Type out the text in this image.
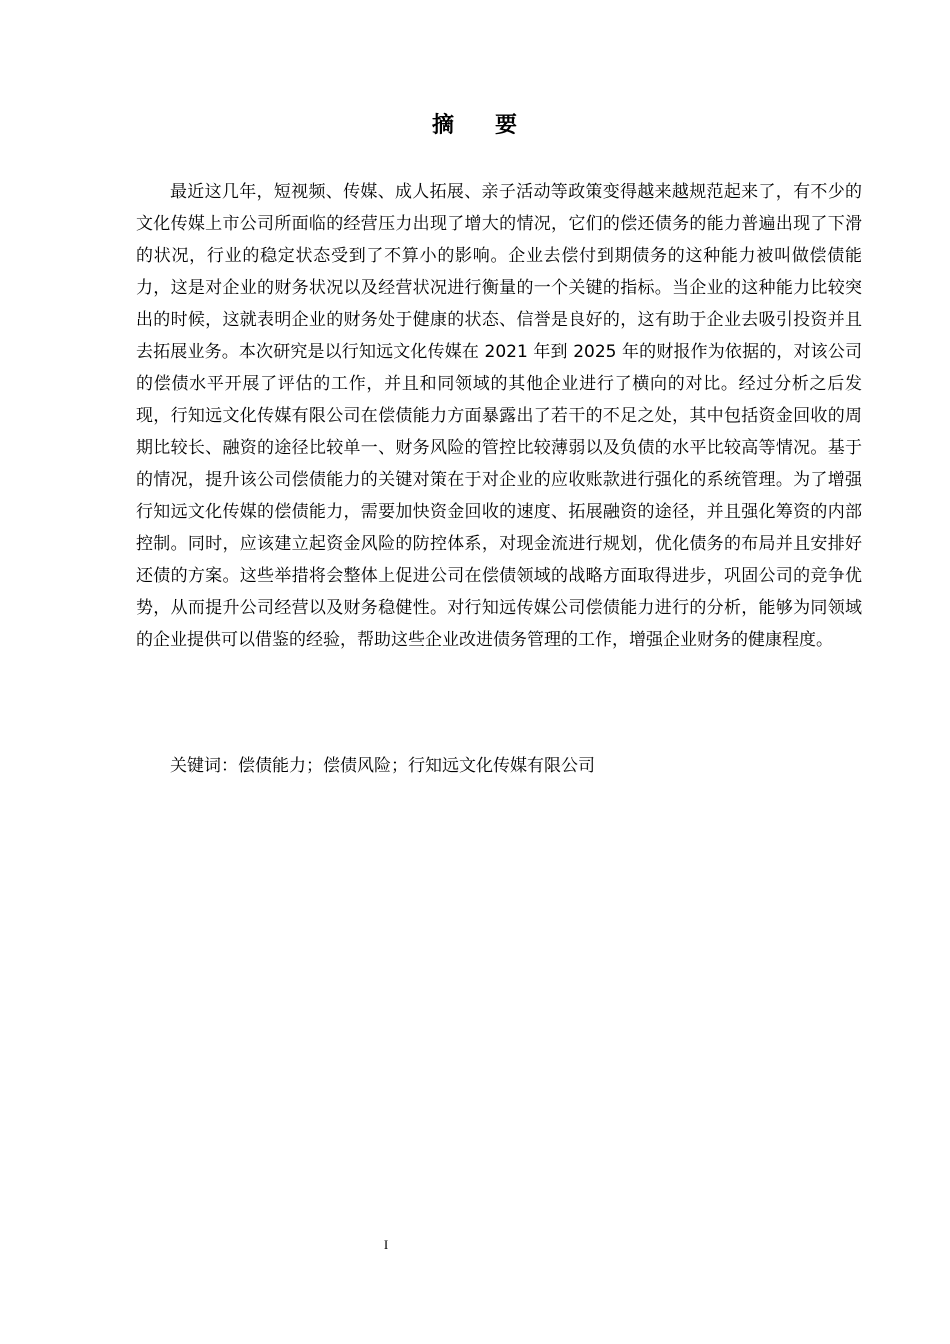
摘 要

最近这几年，短视频、传媒、成人拓展、亲子活动等政策变得越来越规范起来了，有不少的文化传媒上市公司所面临的经营压力出现了增大的情况，它们的偿还债务的能力普遍出现了下滑的状况，行业的稳定状态受到了不算小的影响。企业去偿付到期债务的这种能力被叫做偿债能力，这是对企业的财务状况以及经营状况进行衡量的一个关键的指标。当企业的这种能力比较突出的时候，这就表明企业的财务处于健康的状态、信誉是良好的，这有助于企业去吸引投资并且去拓展业务。本次研究是以行知远文化传媒在 2021 年到 2025 年的财报作为依据的，对该公司的偿债水平开展了评估的工作，并且和同领域的其他企业进行了横向的对比。经过分析之后发现，行知远文化传媒有限公司在偿债能力方面暴露出了若干的不足之处，其中包括资金回收的周期比较长、融资的途径比较单一、财务风险的管控比较薄弱以及负债的水平比较高等情况。基于的情况，提升该公司偿债能力的关键对策在于对企业的应收账款进行强化的系统管理。为了增强行知远文化传媒的偿债能力，需要加快资金回收的速度、拓展融资的途径，并且强化筹资的内部控制。同时，应该建立起资金风险的防控体系，对现金流进行规划，优化债务的布局并且安排好还债的方案。这些举措将会整体上促进公司在偿债领域的战略方面取得进步，巩固公司的竞争优势，从而提升公司经营以及财务稳健性。对行知远传媒公司偿债能力进行的分析，能够为同领域的企业提供可以借鉴的经验，帮助这些企业改进债务管理的工作，增强企业财务的健康程度。

关键词：偿债能力；偿债风险；行知远文化传媒有限公司
I
